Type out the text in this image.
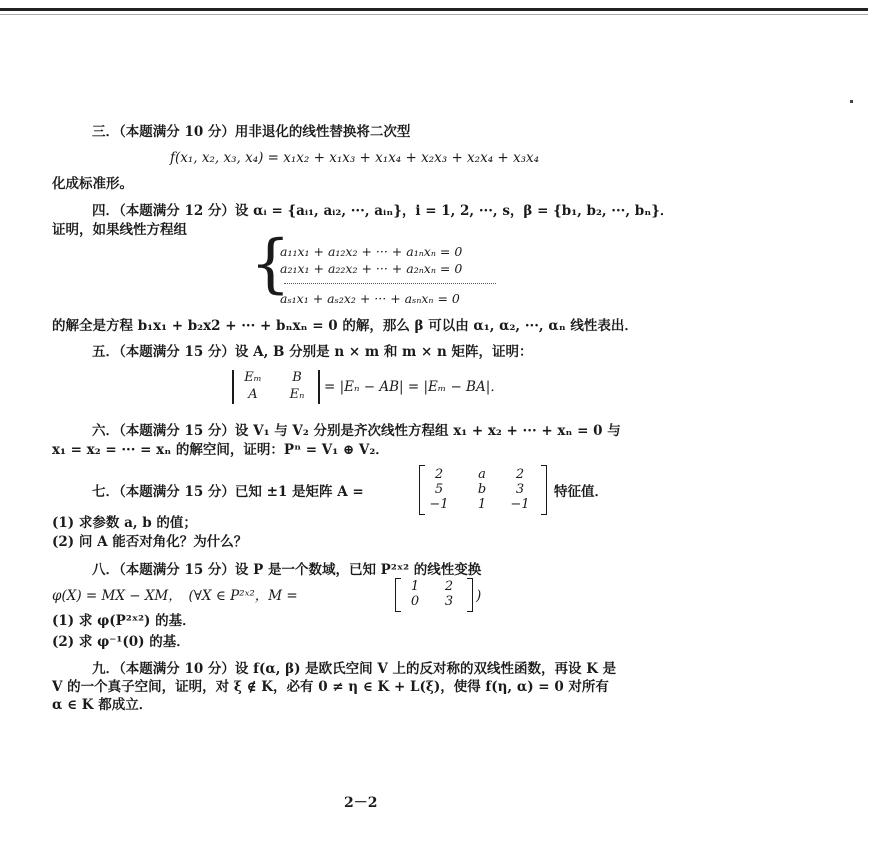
三．（本题满分 10 分）用非退化的线性替换将二次型
f(x₁, x₂, x₃, x₄) = x₁x₂ + x₁x₃ + x₁x₄ + x₂x₃ + x₂x₄ + x₃x₄
化成标准形。
四．（本题满分 12 分）设 αᵢ = {aᵢ₁, aᵢ₂, ···, aᵢₙ}，i = 1, 2, ···, s，β = {b₁, b₂, ···, bₙ}．
证明，如果线性方程组 {
a₁₁x₁ + a₁₂x₂ + ··· + a₁ₙxₙ = 0
a₂₁x₁ + a₂₂x₂ + ··· + a₂ₙxₙ = 0
aₛ₁x₁ + aₛ₂x₂ + ··· + aₛₙxₙ = 0
的解全是方程 b₁x₁ + b₂x2 + ··· + bₙxₙ = 0 的解，那么 β 可以由 α₁, α₂, ···, αₙ 线性表出．
五．（本题满分 15 分）设 A, B 分别是 n × m 和 m × n 矩阵，证明：
Eₘ	B
A	Eₙ	= |Eₙ − AB| = |Eₘ − BA|．
六．（本题满分 15 分）设 V₁ 与 V₂ 分别是齐次线性方程组 x₁ + x₂ + ··· + xₙ = 0 与
x₁ = x₂ = ··· = xₙ 的解空间，证明：Pⁿ = V₁ ⊕ V₂．
七．（本题满分 15 分）已知 ±1 是矩阵 A =
2	a	2
5	b	3
−1	1	−1
特征值．
(1) 求参数 a, b 的值；
(2) 问 A 能否对角化？为什么？
八．（本题满分 15 分）设 P 是一个数域，已知 P²ˣ² 的线性变换
φ(X) = MX − XM，　(∀X ∈ P²ˣ²，M =
1	2
0	3	)
(1) 求 φ(P²ˣ²) 的基．
(2) 求 φ⁻¹(0) 的基．
九．（本题满分 10 分）设 f(α, β) 是欧氏空间 V 上的反对称的双线性函数，再设 K 是
V 的一个真子空间，证明，对 ξ ∉ K，必有 0 ≠ η ∈ K + L(ξ)，使得 f(η, α) = 0 对所有
α ∈ K 都成立．
2－2
